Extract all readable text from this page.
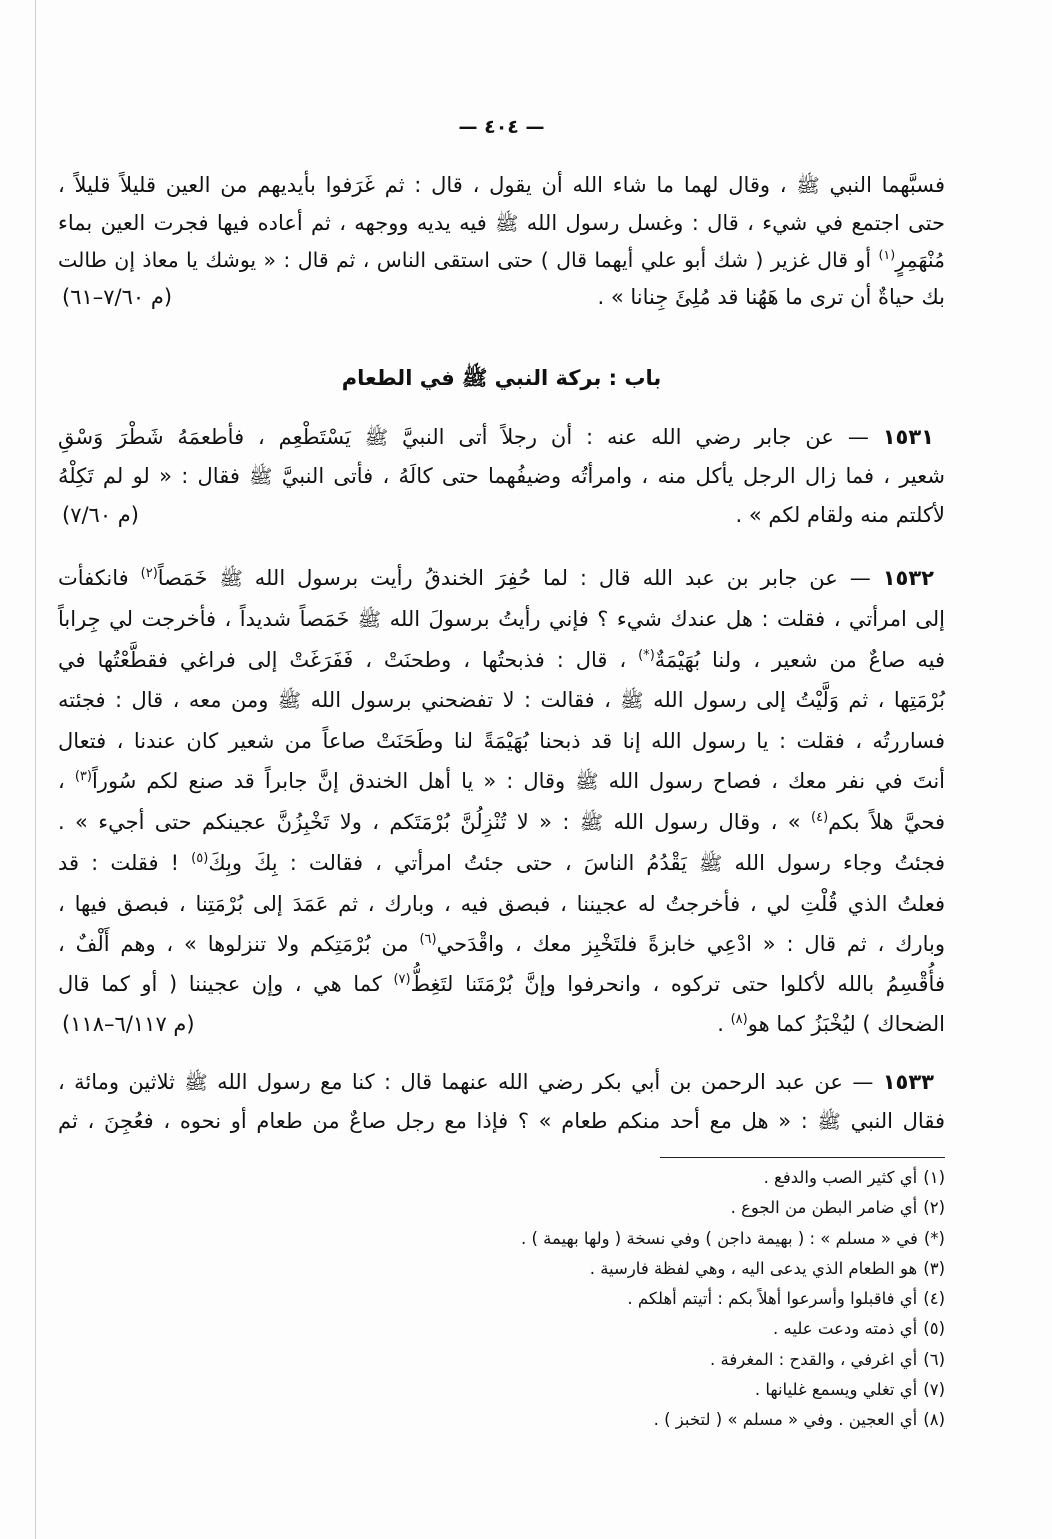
— ٤٠٤ —
فسبَّهما النبي ﷺ ، وقال لهما ما شاء الله أن يقول ، قال : ثم غَرَفوا بأيديهم من العين قليلاً قليلاً ،
حتى اجتمع في شيء ، قال : وغسل رسول الله ﷺ فيه يديه ووجهه ، ثم أعاده فيها فجرت العين بماء
مُنْهَمِرٍ$^{(١)}$ أو قال غزير ( شك أبو علي أيهما قال ) حتى استقى الناس ، ثم قال : « يوشك يا معاذ إن طالت
(م ٧/٦٠–٦١)	بك حياةٌ أن ترى ما هَهُنا قد مُلِئَ جِنانا » .
باب : بركة النبي ﷺ في الطعام
١٥٣١ — عن جابر رضي الله عنه : أن رجلاً أتى النبيَّ ﷺ يَسْتَطْعِم ، فأطعمَهُ شَطْرَ وَسْقِ
شعير ، فما زال الرجل يأكل منه ، وامرأتُه وضيفُهما حتى كالَهُ ، فأتى النبيَّ ﷺ فقال : « لو لم تَكِلْهُ
(م ٧/٦٠)	لأكلتم منه ولقام لكم » .
١٥٣٢ — عن جابر بن عبد الله قال : لما حُفِرَ الخندقُ رأيت برسول الله ﷺ خَمَصاً$^{(٢)}$ فانكفأت
إلى امرأتي ، فقلت : هل عندك شيء ؟ فإني رأيتُ برسولَ الله ﷺ خَمَصاً شديداً ، فأخرجت لي جِراباً
فيه صاعٌ من شعير ، ولنا بُهَيْمَةٌ(*) ، قال : فذبحتُها ، وطحنَتْ ، فَفَرَغَتْ إلى فراغي فقطَّعْتُها في
بُرْمَتِها ، ثم وَلَّيْتُ إلى رسول الله ﷺ ، فقالت : لا تفضحني برسول الله ﷺ ومن معه ، قال : فجئته
فساررتُه ، فقلت : يا رسول الله إنا قد ذبحنا بُهَيْمَةً لنا وطَحَنَتْ صاعاً من شعير كان عندنا ، فتعال
أنتَ في نفر معك ، فصاح رسول الله ﷺ وقال : « يا أهل الخندق إنَّ جابراً قد صنع لكم سُوراً$^{(٣)}$ ،
فحيَّ هلاً بكم$^{(٤)}$ » ، وقال رسول الله ﷺ : « لا تُنْزِلُنَّ بُرْمَتَكم ، ولا تَخْبِزُنَّ عجينكم حتى أجيء » .
فجئتُ وجاء رسول الله ﷺ يَقْدُمُ الناسَ ، حتى جئتُ امرأتي ، فقالت : بِكَ وبِكَ$^{(٥)}$ ! فقلت : قد
فعلتُ الذي قُلْتِ لي ، فأخرجتُ له عجيننا ، فبصق فيه ، وبارك ، ثم عَمَدَ إلى بُرْمَتِنا ، فبصق فيها ،
وبارك ، ثم قال : « ادْعِي خابزةً فلتَخْبِز معك ، واقْدَحي$^{(٦)}$ من بُرْمَتِكم ولا تنزلوها » ، وهم أَلْفٌ ،
فأُقْسِمُ بالله لأكلوا حتى تركوه ، وانحرفوا وإنَّ بُرْمَتَنا لتَغِطُّ$^{(٧)}$ كما هي ، وإن عجيننا ( أو كما قال
(م ٦/١١٧–١١٨)	الضحاك ) ليُخْبَزُ كما هو$^{(٨)}$ .
١٥٣٣ — عن عبد الرحمن بن أبي بكر رضي الله عنهما قال : كنا مع رسول الله ﷺ ثلاثين ومائة ،
فقال النبي ﷺ : « هل مع أحد منكم طعام » ؟ فإذا مع رجل صاعٌ من طعام أو نحوه ، فعُجِنَ ، ثم
(١)أي كثير الصب والدفع .
(٢)أي ضامر البطن من الجوع .
(*)في « مسلم » : ( بهيمة داجن ) وفي نسخة ( ولها بهيمة ) .
(٣)هو الطعام الذي يدعى اليه ، وهي لفظة فارسية .
(٤)أي فاقبلوا وأسرعوا أهلاً بكم : أتيتم أهلكم .
(٥)أي ذمته ودعت عليه .
(٦)أي اغرفي ، والقدح : المغرفة .
(٧)أي تغلي ويسمع غليانها .
(٨)أي العجين . وفي « مسلم » ( لتخبز ) .
